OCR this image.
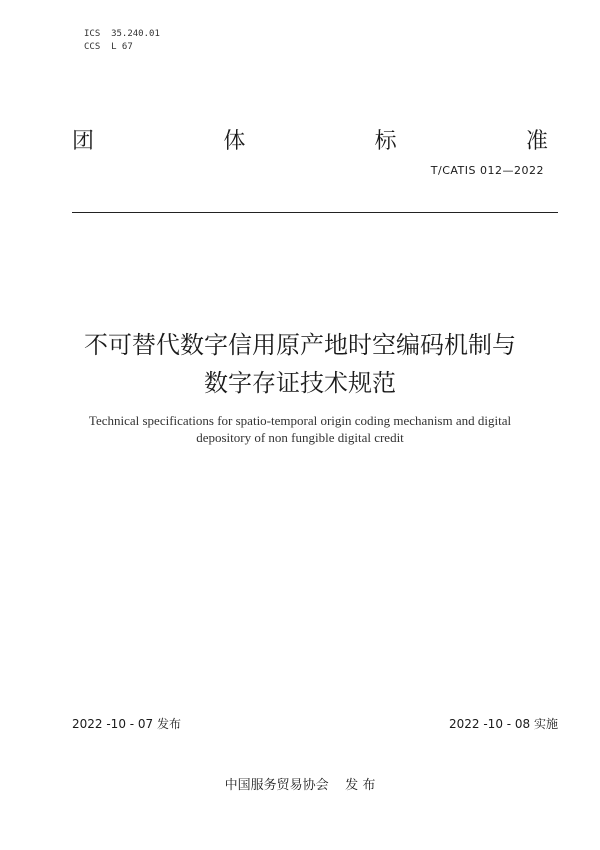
ICS  35.240.01
CCS  L 67
团	体	标	准
T/CATIS 012—2022
不可替代数字信用原产地时空编码机制与
数字存证技术规范
Technical specifications for spatio-temporal origin coding mechanism and digital
depository of non fungible digital credit
2022 -10 - 07 发布	2022 -10 - 08 实施
中国服务贸易协会    发 布
